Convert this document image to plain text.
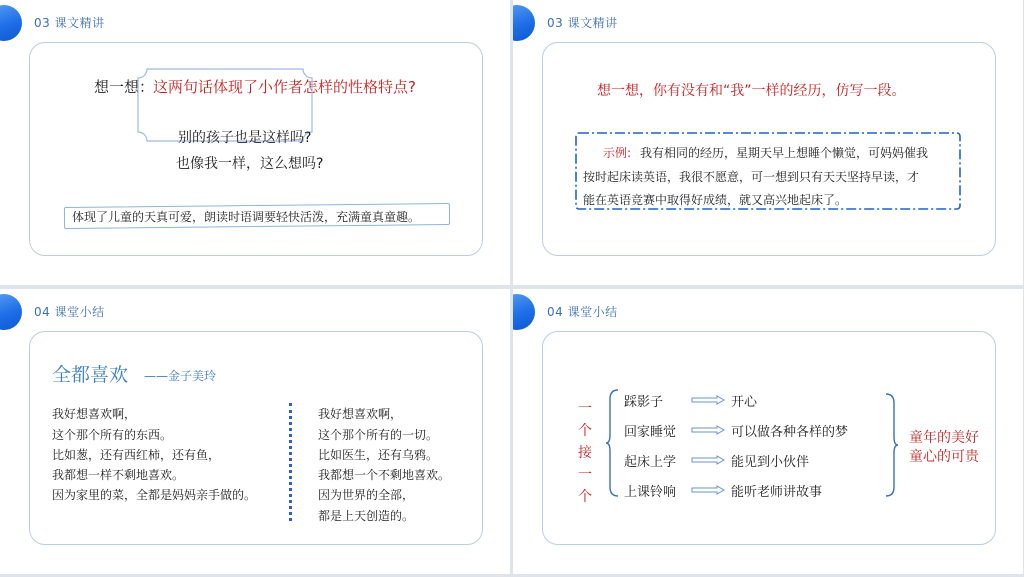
03 课文精讲
想一想：
这两句话体现了小作者怎样的性格特点?
别的孩子也是这样吗?
也像我一样，这么想吗?
体现了儿童的天真可爱，朗读时语调要轻快活泼，充满童真童趣。
03 课文精讲
想一想，你有没有和“我”一样的经历，仿写一段。
示例: 我有相同的经历，星期天早上想睡个懒觉，可妈妈催我
按时起床读英语，我很不愿意，可一想到只有天天坚持早读，才
能在英语竞赛中取得好成绩，就又高兴地起床了。
04 课堂小结
全都喜欢 ——金子美玲
我好想喜欢啊，
这个那个所有的东西。
比如葱，还有西红柿，还有鱼，
我都想一样不剩地喜欢。
因为家里的菜，全都是妈妈亲手做的。
我好想喜欢啊，
这个那个所有的一切。
比如医生，还有乌鸦。
我都想一个不剩地喜欢。
因为世界的全部，
都是上天创造的。
04 课堂小结
一
个
接
一
个
踩影子
回家睡觉
起床上学
上课铃响
开心
可以做各种各样的梦
能见到小伙伴
能听老师讲故事
童年的美好
童心的可贵
